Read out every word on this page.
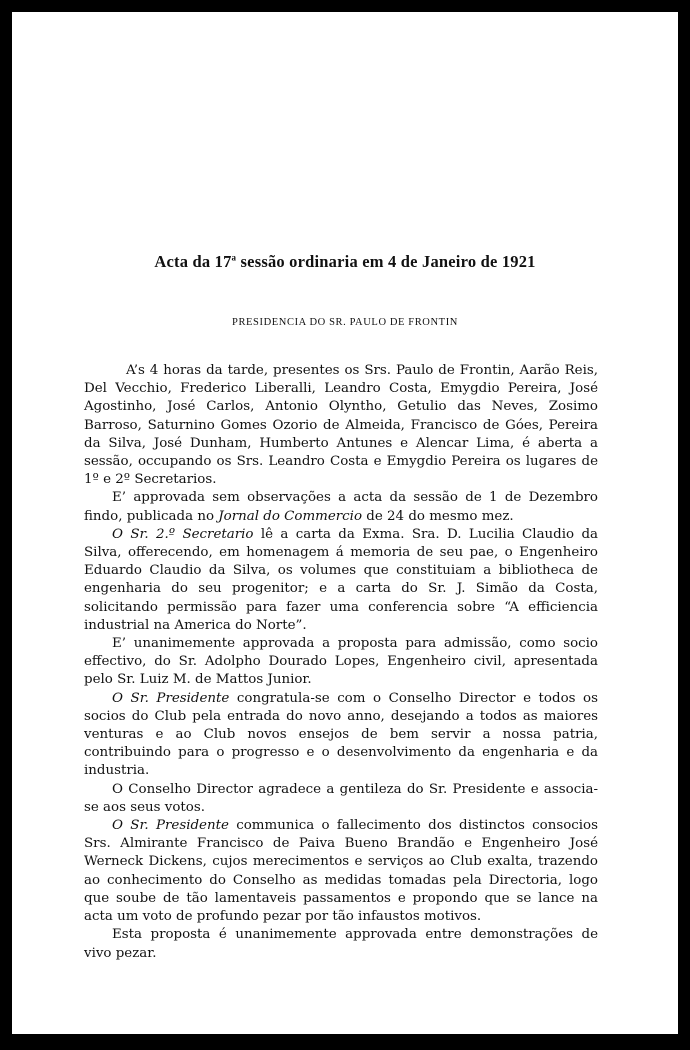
Acta da 17$^a$ sessão ordinaria em 4 de Janeiro de 1921
PRESIDENCIA DO SR. PAULO DE FRONTIN

A’s 4 horas da tarde, presentes os Srs. Paulo de Frontin, Aarão Reis, Del Vecchio, Frederico Liberalli, Leandro Costa, Emygdio Pereira, José Agostinho, José Carlos, Antonio Olyntho, Getulio das Neves, Zosimo Barroso, Saturnino Gomes Ozorio de Almeida, Francisco de Góes, Pereira da Silva, José Dunham, Humberto Antunes e Alencar Lima, é aberta a sessão, occupando os Srs. Leandro Costa e Emygdio Pereira os lugares de 1º e 2º Secretarios.

E’ approvada sem observações a acta da sessão de 1 de Dezembro findo, publicada no Jornal do Commercio de 24 do mesmo mez.

O Sr. 2.º Secretario lê a carta da Exma. Sra. D. Lucilia Claudio da Silva, offerecendo, em homenagem á memoria de seu pae, o Engenheiro Eduardo Claudio da Silva, os volumes que constituiam a bibliotheca de engenharia do seu progenitor; e a carta do Sr. J. Simão da Costa, solicitando permissão para fazer uma conferencia sobre “A efficiencia industrial na America do Norte”.

E’ unanimemente approvada a proposta para admissão, como socio effectivo, do Sr. Adolpho Dourado Lopes, Engenheiro civil, apresentada pelo Sr. Luiz M. de Mattos Junior.

O Sr. Presidente congratula-se com o Conselho Director e todos os socios do Club pela entrada do novo anno, desejando a todos as maiores venturas e ao Club novos ensejos de bem servir a nossa patria, contribuindo para o progresso e o desenvolvimento da engenharia e da industria.

O Conselho Director agradece a gentileza do Sr. Presidente e associa-se aos seus votos.

O Sr. Presidente communica o fallecimento dos distinctos consocios Srs. Almirante Francisco de Paiva Bueno Brandão e Engenheiro José Werneck Dickens, cujos merecimentos e serviços ao Club exalta, trazendo ao conhecimento do Conselho as medidas tomadas pela Directoria, logo que soube de tão lamentaveis passamentos e propondo que se lance na acta um voto de profundo pezar por tão infaustos motivos.

Esta proposta é unanimemente approvada entre demonstrações de vivo pezar.
